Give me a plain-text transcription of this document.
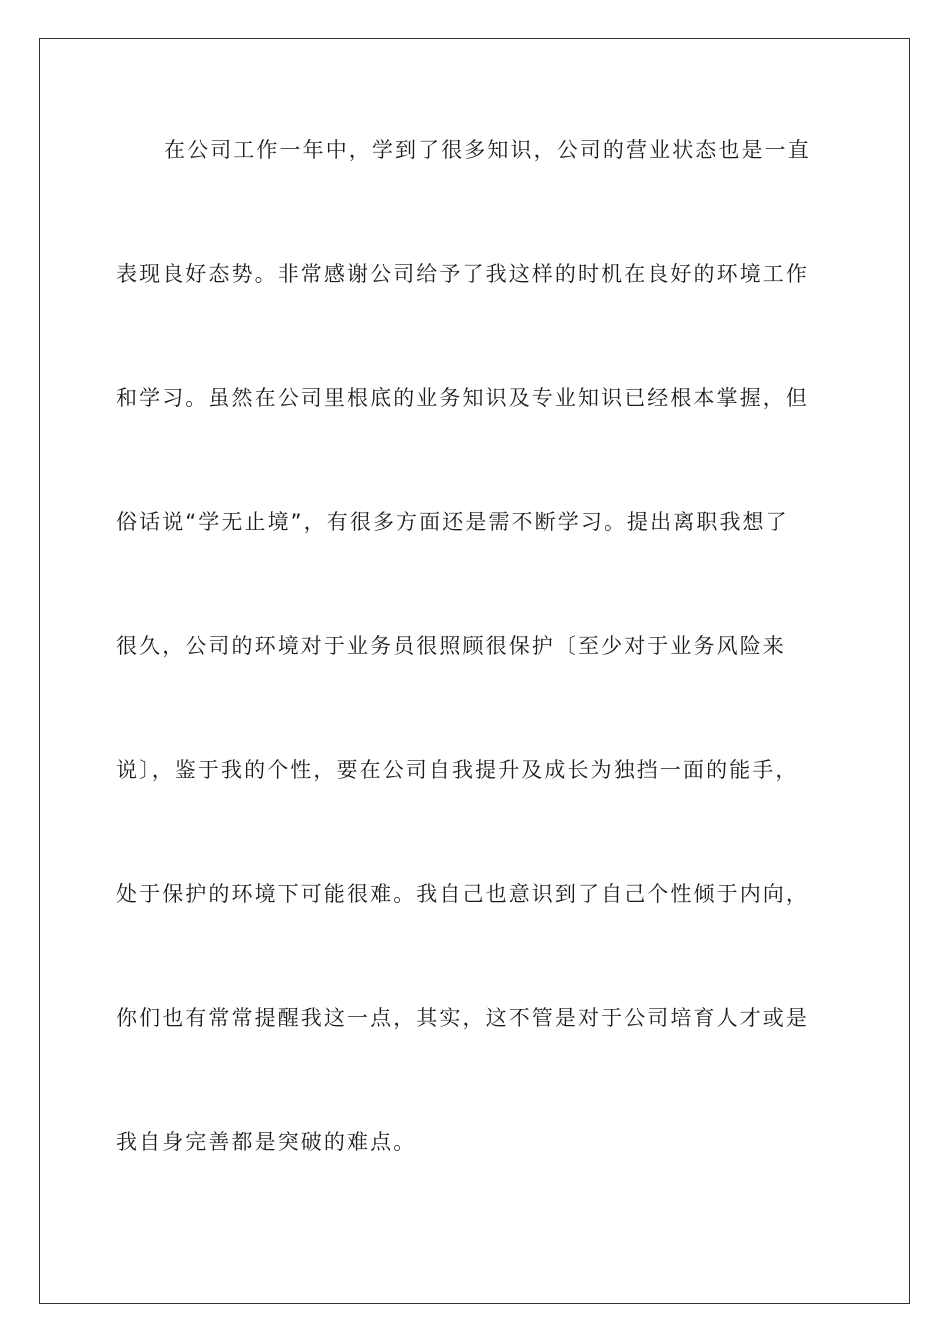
在公司工作一年中，学到了很多知识，公司的营业状态也是一直
表现良好态势。非常感谢公司给予了我这样的时机在良好的环境工作
和学习。虽然在公司里根底的业务知识及专业知识已经根本掌握，但
俗话说“学无止境”，有很多方面还是需不断学习。提出离职我想了
很久，公司的环境对于业务员很照顾很保护〔至少对于业务风险来
说〕，鉴于我的个性，要在公司自我提升及成长为独挡一面的能手，
处于保护的环境下可能很难。我自己也意识到了自己个性倾于内向，
你们也有常常提醒我这一点，其实，这不管是对于公司培育人才或是
我自身完善都是突破的难点。
